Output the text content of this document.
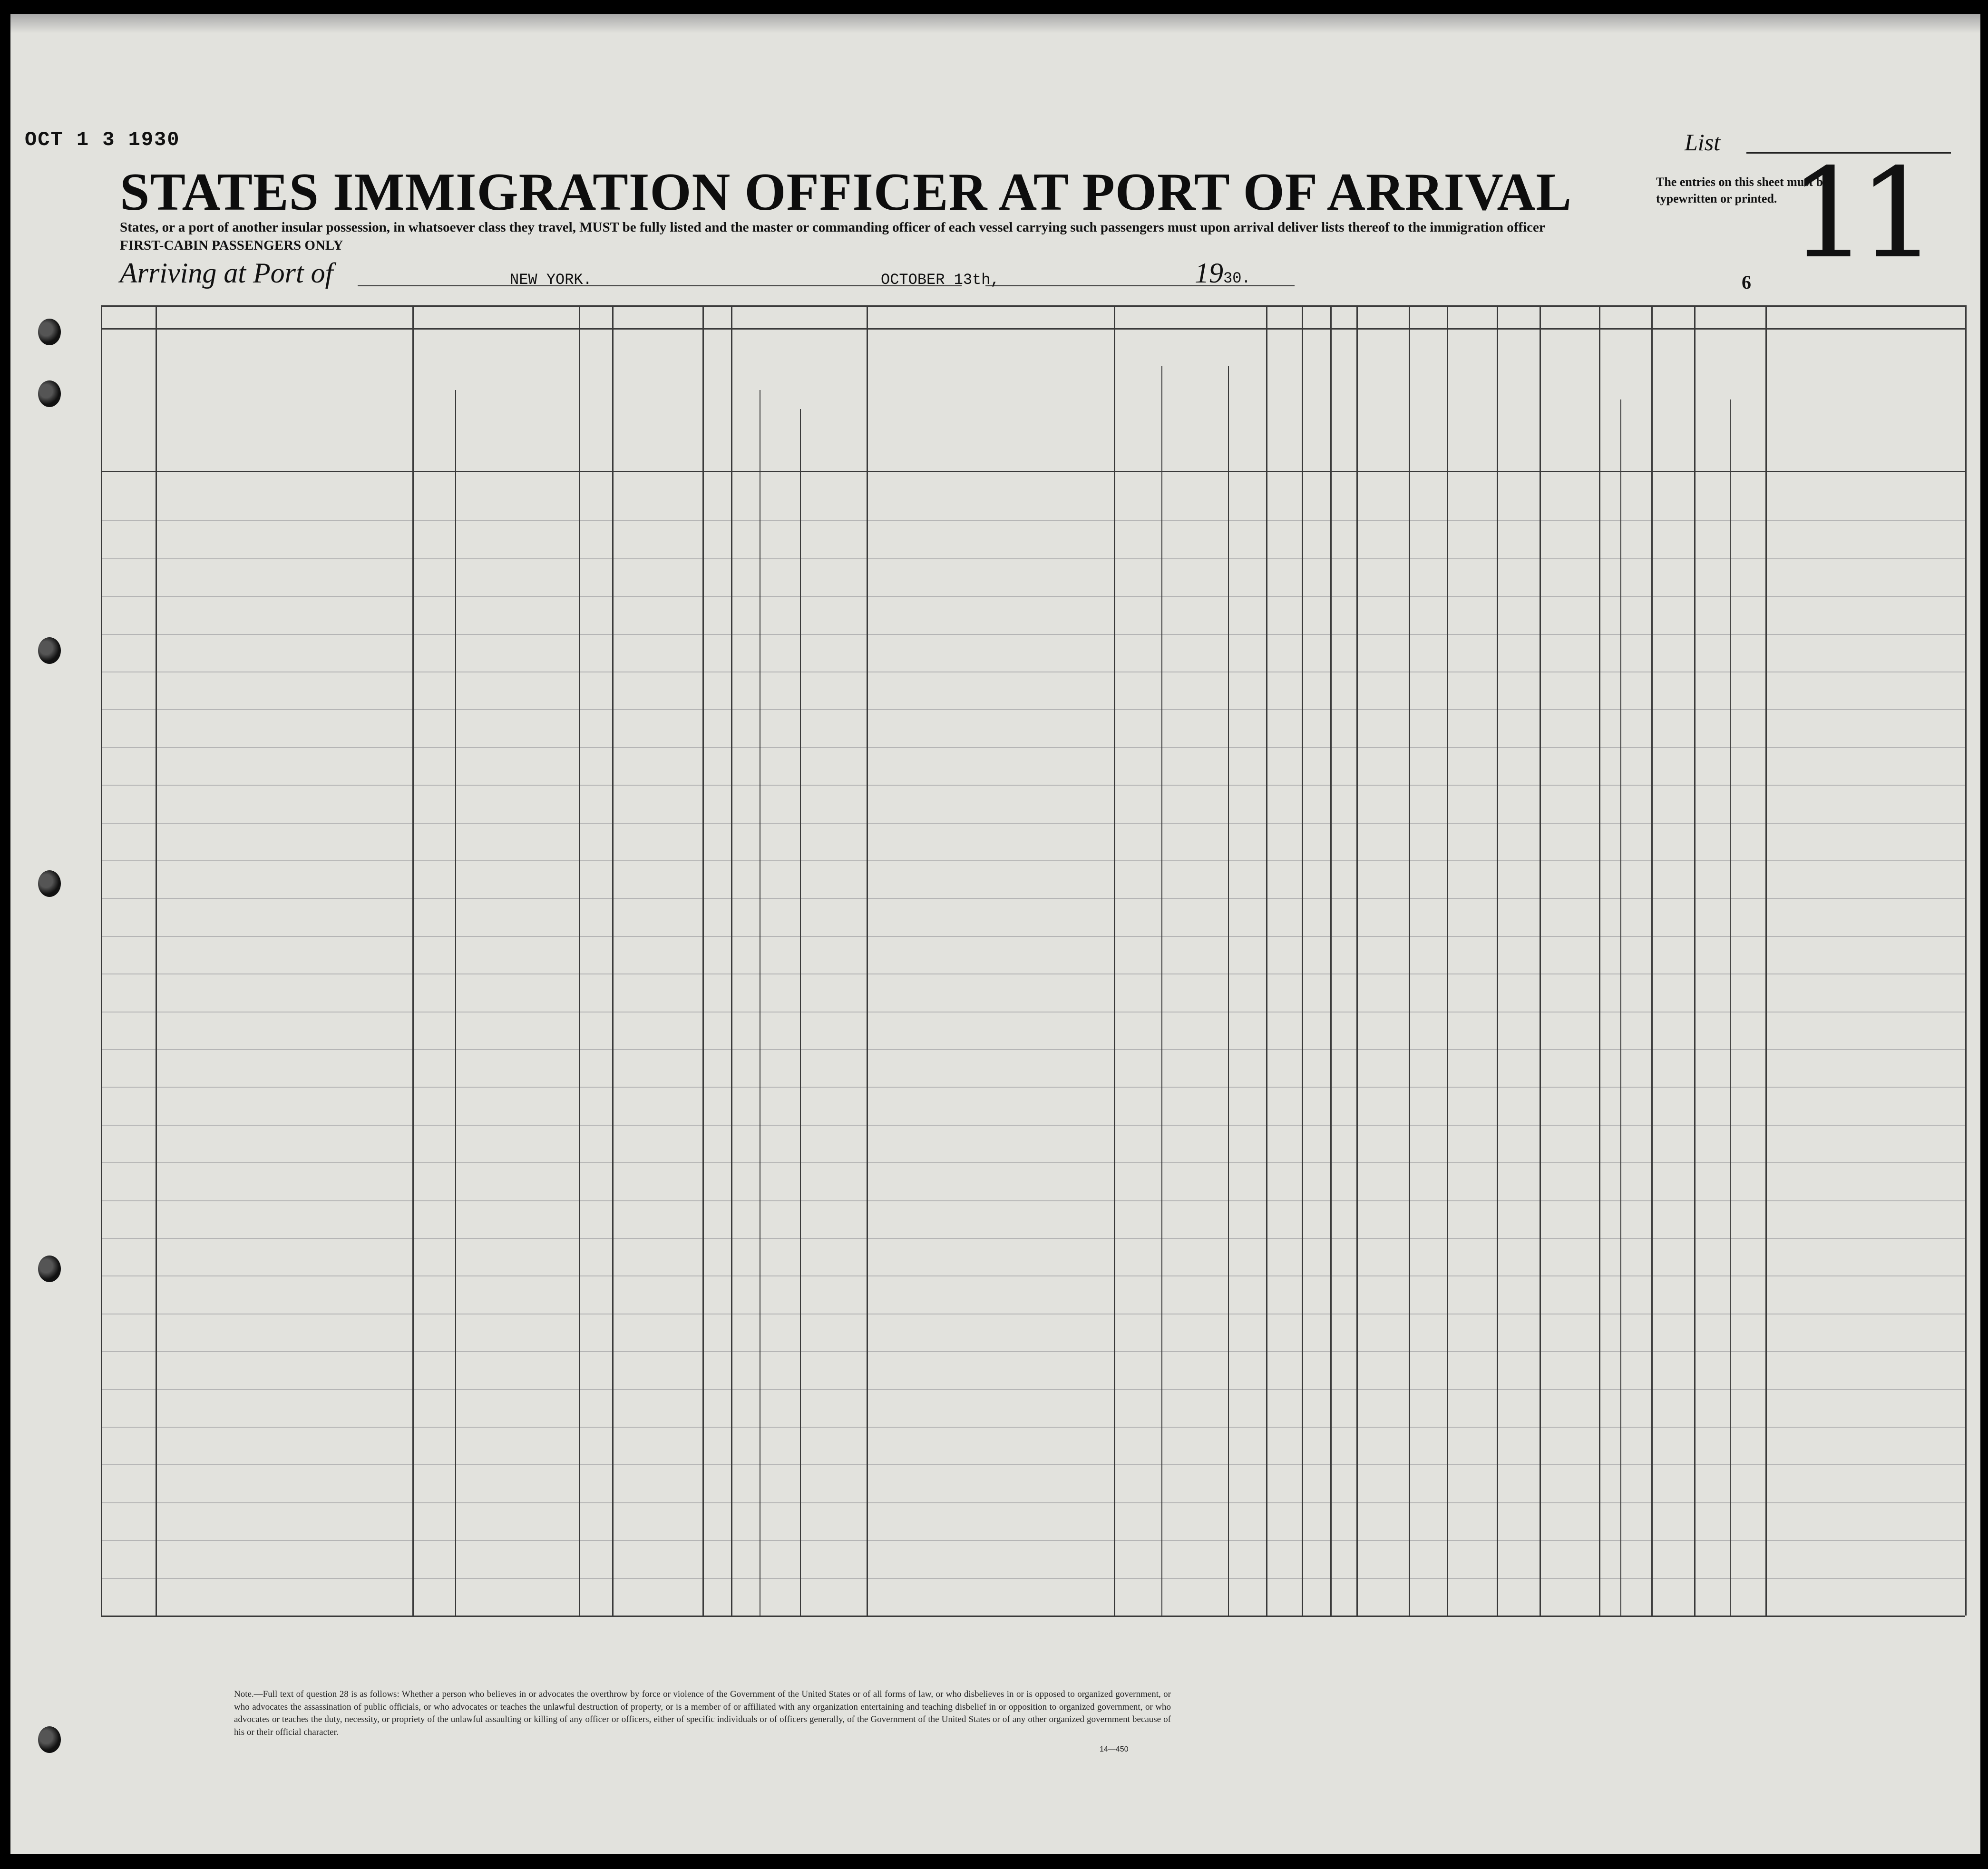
OCT 1 3 1930	List 11
STATES IMMIGRATION OFFICER AT PORT OF ARRIVAL	The entries on this sheet must be typewritten or printed.
States, or a port of another insular possession, in whatsoever class they travel, MUST be fully listed and the master or commanding officer of each vessel carrying such passengers must upon arrival deliver lists thereof to the immigration officer
FIRST-CABIN PASSENGERS ONLY
Arriving at Port of	NEW YORK.	OCTOBER 13th,	1930.	6
Note.—Full text of question 28 is as follows: Whether a person who believes in or advocates the overthrow by force or violence of the Government of the United States or of all forms of law, or who disbelieves in or is opposed to organized government, or who advocates the assassination of public officials, or who advocates or teaches the unlawful destruction of property, or is a member of or affiliated with any organization entertaining and teaching disbelief in or opposition to organized government, or who advocates or teaches the duty, necessity, or propriety of the unlawful assaulting or killing of any officer or officers, either of specific individuals or of officers generally, of the Government of the United States or of any other organized government because of his or their official character.
14—450
